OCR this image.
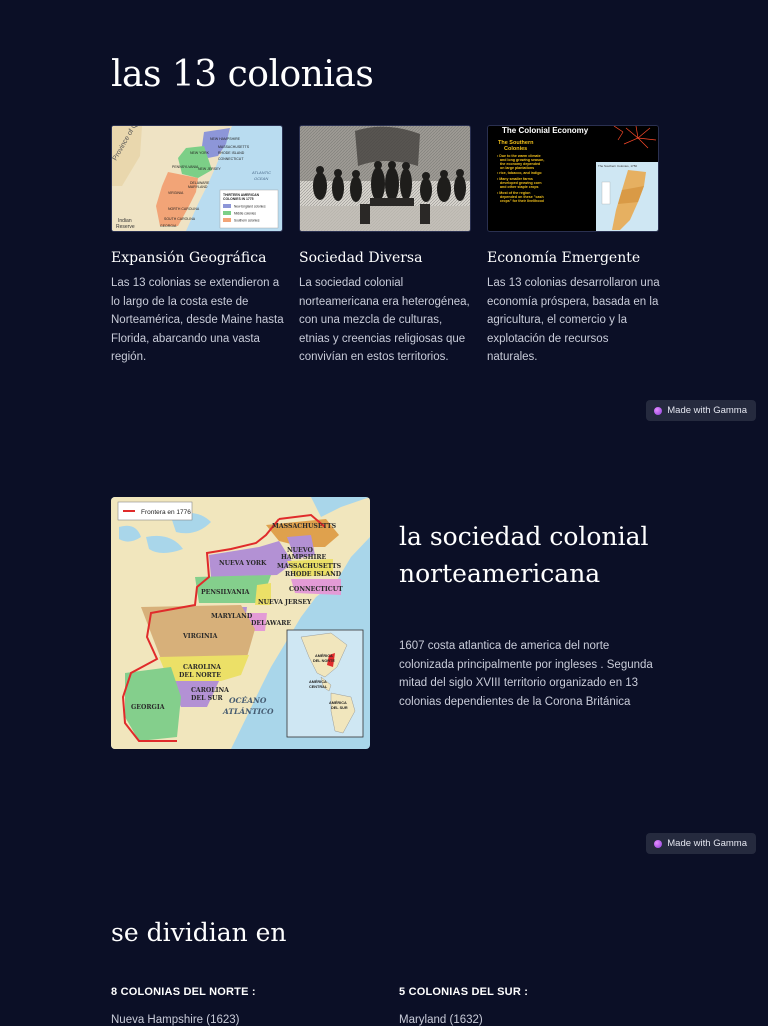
las 13 colonias
Province of
NEW HAMPSHIRE
MASSACHUSETTS
RHODE ISLAND
CONNECTICUT
NEW YORK
PENNSYLVANIA NEW JERSEY
DELAWARE
MARYLAND
VIRGINIA
NORTH CAROLINA
SOUTH CAROLINA
GEORGIA
ATLANTIC
OCEAN
Indian
Reserve
THIRTEEN AMERICAN
COLONIES IN 1775
New England colonies
Middle colonies
Southern colonies
Expansión Geográfica

Las 13 colonias se extendieron a lo largo de la costa este de Norteamérica, desde Maine hasta Florida, abarcando una vasta región.

Sociedad Diversa

La sociedad colonial norteamericana era heterogénea, con una mezcla de culturas, etnias y creencias religiosas que convivían en estos territorios.

The Colonial Economy
The Southern
Colonies
• Due to the warm climate
and long growing season,
the economy depended
on large plantations
• rice, tobacco, and indigo
• Many smaller farms
developed growing corn
and other staple crops
• Most of the region
depended on these "cash
crops" for their livelihood
The Southern Colonies, 1750
Economía Emergente

Las 13 colonias desarrollaron una economía próspera, basada en la agricultura, el comercio y la explotación de recursos naturales.

Made with Gamma
Frontera en 1776
MASSACHUSETTS
NUEVO
HAMPSHIRE
NUEVA YORK MASSACHUSETTS
RHODE ISLAND
CONNECTICUT
PENSILVANIA
NUEVA JERSEY
MARYLAND
DELAWARE
VIRGINIA
CAROLINA
DEL NORTE
CAROLINA
DEL SUR
GEORGIA
OCÉANO
ATLÁNTICO
AMÉRICA
DEL NORTE
AMÉRICA
CENTRAL
AMÉRICA
DEL SUR
la sociedad colonial norteamericana

1607 costa atlantica de america del norte colonizada principalmente por ingleses . Segunda mitad del siglo XVIII territorio organizado en 13 colonias dependientes de la Corona Británica

Made with Gamma
se dividian en
8 COLONIAS DEL NORTE :	5 COLONIAS DEL SUR :
Nueva Hampshire (1623)	Maryland (1632)
